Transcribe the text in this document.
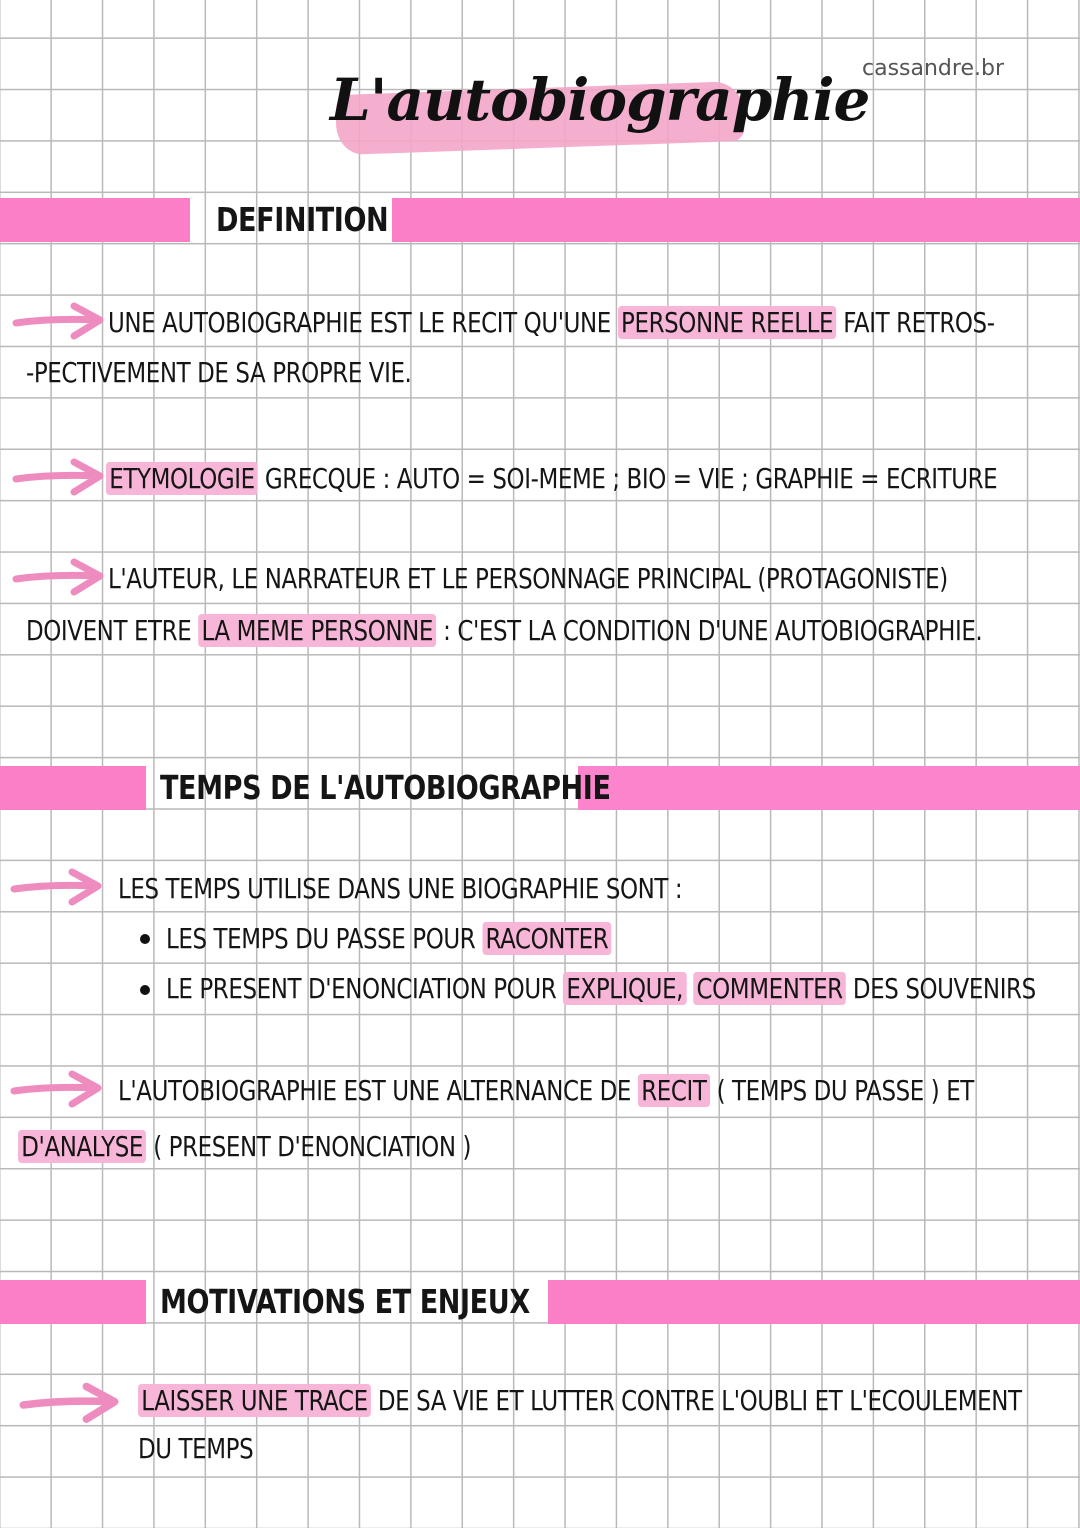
L'autobiographie
cassandre.br
DEFINITION
UNE AUTOBIOGRAPHIE EST LE RECIT QU'UNE PERSONNE REELLE FAIT RETROS-
-PECTIVEMENT DE SA PROPRE VIE.
ETYMOLOGIE GRECQUE : AUTO = SOI-MEME ; BIO = VIE ; GRAPHIE = ECRITURE
L'AUTEUR, LE NARRATEUR ET LE PERSONNAGE PRINCIPAL (PROTAGONISTE)
DOIVENT ETRE LA MEME PERSONNE : C'EST LA CONDITION D'UNE AUTOBIOGRAPHIE.
TEMPS DE L'AUTOBIOGRAPHIE
LES TEMPS UTILISE DANS UNE BIOGRAPHIE SONT :
LES TEMPS DU PASSE POUR RACONTER
LE PRESENT D'ENONCIATION POUR EXPLIQUE, COMMENTER DES SOUVENIRS
L'AUTOBIOGRAPHIE EST UNE ALTERNANCE DE RECIT ( TEMPS DU PASSE ) ET
D'ANALYSE ( PRESENT D'ENONCIATION )
MOTIVATIONS ET ENJEUX
LAISSER UNE TRACE DE SA VIE ET LUTTER CONTRE L'OUBLI ET L'ECOULEMENT
DU TEMPS
